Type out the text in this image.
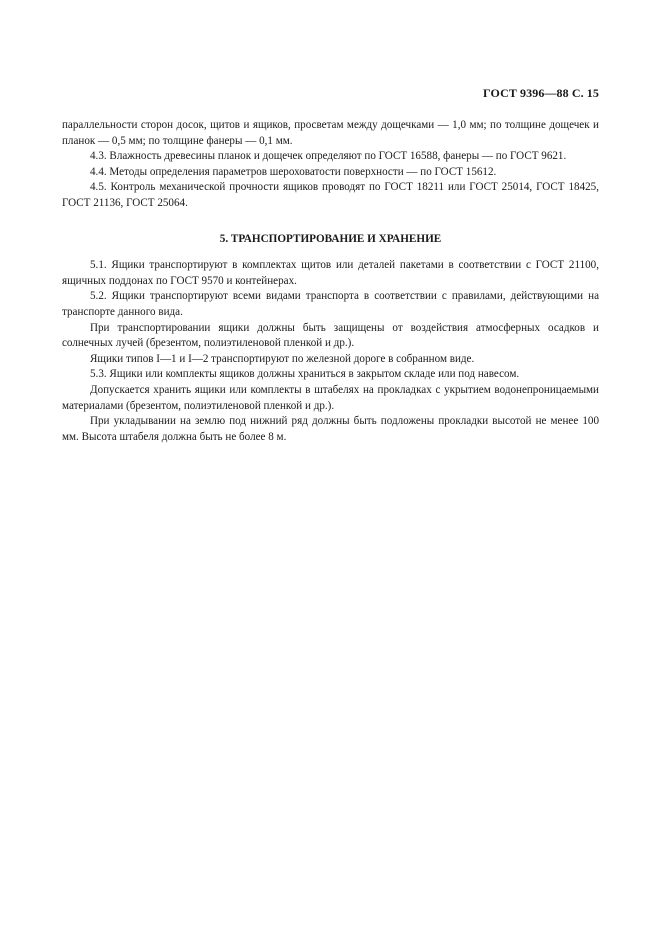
ГОСТ 9396—88 С. 15

параллельности сторон досок, щитов и ящиков, просветам между дощечками — 1,0 мм; по толщине дощечек и планок — 0,5 мм; по толщине фанеры — 0,1 мм.

4.3. Влажность древесины планок и дощечек определяют по ГОСТ 16588, фанеры — по ГОСТ 9621.

4.4. Методы определения параметров шероховатости поверхности — по ГОСТ 15612.

4.5. Контроль механической прочности ящиков проводят по ГОСТ 18211 или ГОСТ 25014, ГОСТ 18425, ГОСТ 21136, ГОСТ 25064.

5. ТРАНСПОРТИРОВАНИЕ И ХРАНЕНИЕ

5.1. Ящики транспортируют в комплектах щитов или деталей пакетами в соответствии с ГОСТ 21100, ящичных поддонах по ГОСТ 9570 и контейнерах.

5.2. Ящики транспортируют всеми видами транспорта в соответствии с правилами, действующими на транспорте данного вида.

При транспортировании ящики должны быть защищены от воздействия атмосферных осадков и солнечных лучей (брезентом, полиэтиленовой пленкой и др.).

Ящики типов I—1 и I—2 транспортируют по железной дороге в собранном виде.

5.3. Ящики или комплекты ящиков должны храниться в закрытом складе или под навесом.

Допускается хранить ящики или комплекты в штабелях на прокладках с укрытием водонепроницаемыми материалами (брезентом, полиэтиленовой пленкой и др.).

При укладывании на землю под нижний ряд должны быть подложены прокладки высотой не менее 100 мм. Высота штабеля должна быть не более 8 м.
